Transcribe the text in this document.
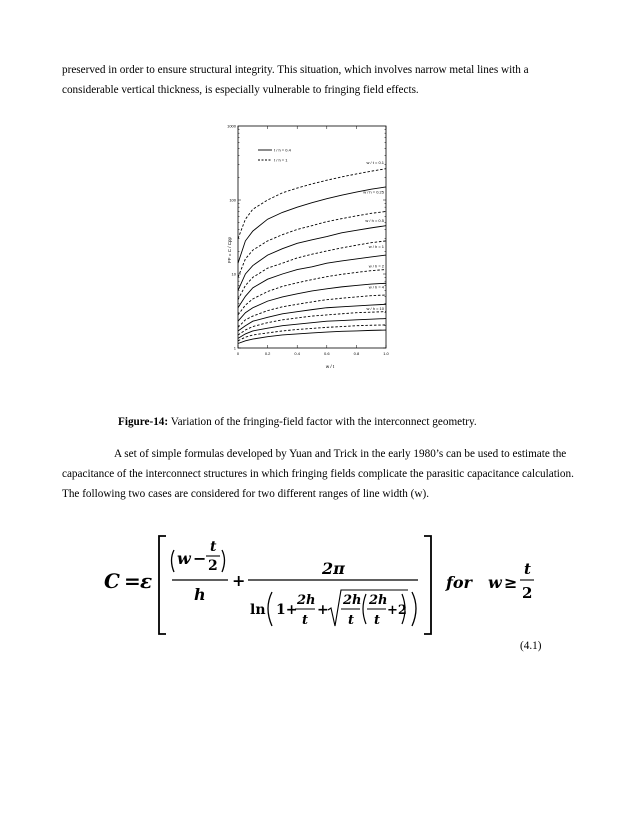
preserved in order to ensure structural integrity. This situation, which involves narrow metal lines with a considerable vertical thickness, is especially vulnerable to fringing field effects.

FF = C / Cpp
w / t
t / h = 0.4
t / h = 1
1
10
100
1000
0	0.2	0.4	0.6	0.8	1.0
w / t = 0.1
w / h = 0.25
w / h = 0.5
w / h = 1
w / h = 2
w / h = 4
w / h = 10

Figure-14: Variation of the fringing-field factor with the interconnect geometry.

A set of simple formulas developed by Yuan and Trick in the early 1980’s can be used to estimate the capacitance of the interconnect structures in which fringing fields complicate the parasitic capacitance calculation. The following two cases are considered for two different ranges of line width (w).

C = ε
w −
t
2
h
+
2π
ln 1+
2h
t
+
2h
t
2h
t
+2
for w ≥
t
2

(4.1)
